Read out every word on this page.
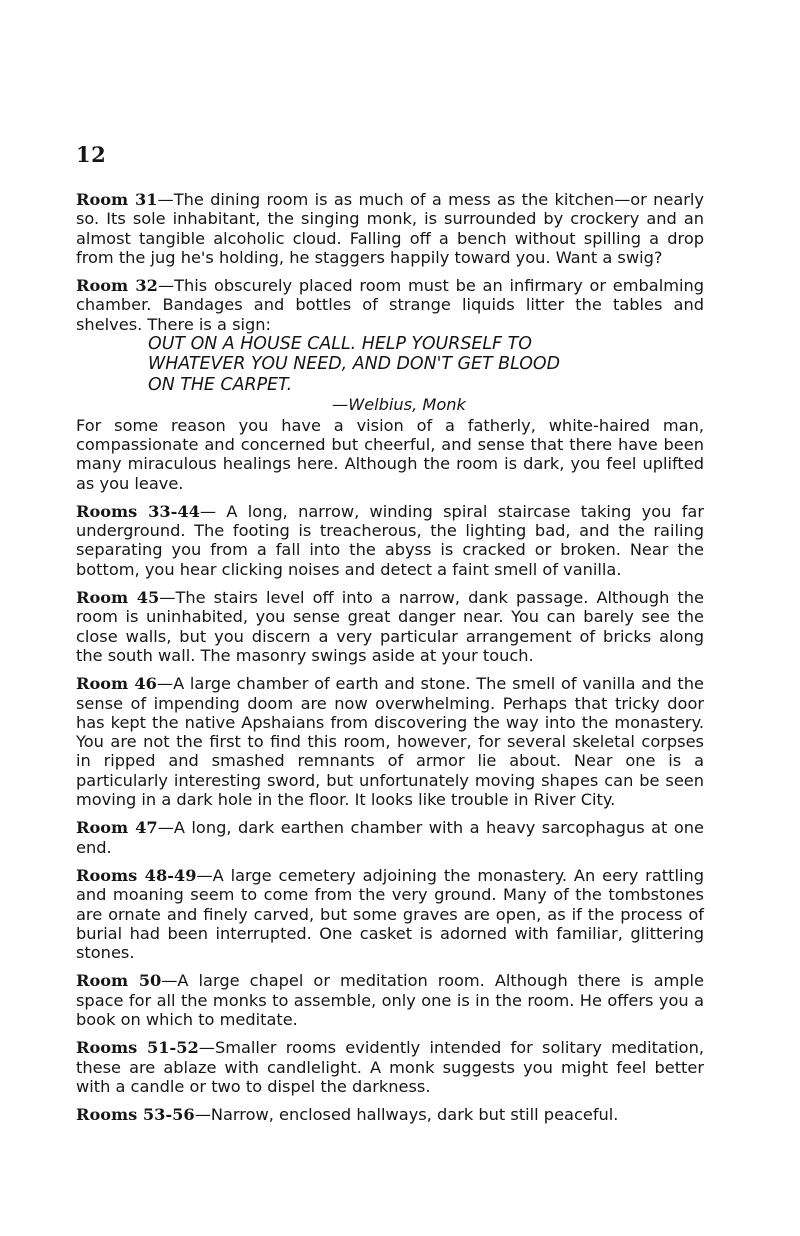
12

Room 31—The dining room is as much of a mess as the kitchen—or nearly so. Its sole inhabitant, the singing monk, is surrounded by crockery and an almost tangible alcoholic cloud. Falling off a bench without spilling a drop from the jug he's holding, he staggers happily toward you. Want a swig?

Room 32—This obscurely placed room must be an infirmary or embalming chamber. Bandages and bottles of strange liquids litter the tables and shelves. There is a sign:

OUT ON A HOUSE CALL. HELP YOURSELF TO
WHATEVER YOU NEED, AND DON'T GET BLOOD
ON THE CARPET.
—Welbius, Monk

For some reason you have a vision of a fatherly, white-haired man, compassionate and concerned but cheerful, and sense that there have been many miraculous healings here. Although the room is dark, you feel uplifted as you leave.

Rooms 33-44— A long, narrow, winding spiral staircase taking you far underground. The footing is treacherous, the lighting bad, and the railing separating you from a fall into the abyss is cracked or broken. Near the bottom, you hear clicking noises and detect a faint smell of vanilla.

Room 45—The stairs level off into a narrow, dank passage. Although the room is uninhabited, you sense great danger near. You can barely see the close walls, but you discern a very particular arrangement of bricks along the south wall. The masonry swings aside at your touch.

Room 46—A large chamber of earth and stone. The smell of vanilla and the sense of impending doom are now overwhelming. Perhaps that tricky door has kept the native Apshaians from discovering the way into the monastery. You are not the first to find this room, however, for several skeletal corpses in ripped and smashed remnants of armor lie about. Near one is a particularly interesting sword, but unfortunately moving shapes can be seen moving in a dark hole in the floor. It looks like trouble in River City.

Room 47—A long, dark earthen chamber with a heavy sarcophagus at one end.

Rooms 48-49—A large cemetery adjoining the monastery. An eery rattling and moaning seem to come from the very ground. Many of the tombstones are ornate and finely carved, but some graves are open, as if the process of burial had been interrupted. One casket is adorned with familiar, glittering stones.

Room 50—A large chapel or meditation room. Although there is ample space for all the monks to assemble, only one is in the room. He offers you a book on which to meditate.

Rooms 51-52—Smaller rooms evidently intended for solitary meditation, these are ablaze with candlelight. A monk suggests you might feel better with a candle or two to dispel the darkness.

Rooms 53-56—Narrow, enclosed hallways, dark but still peaceful.
